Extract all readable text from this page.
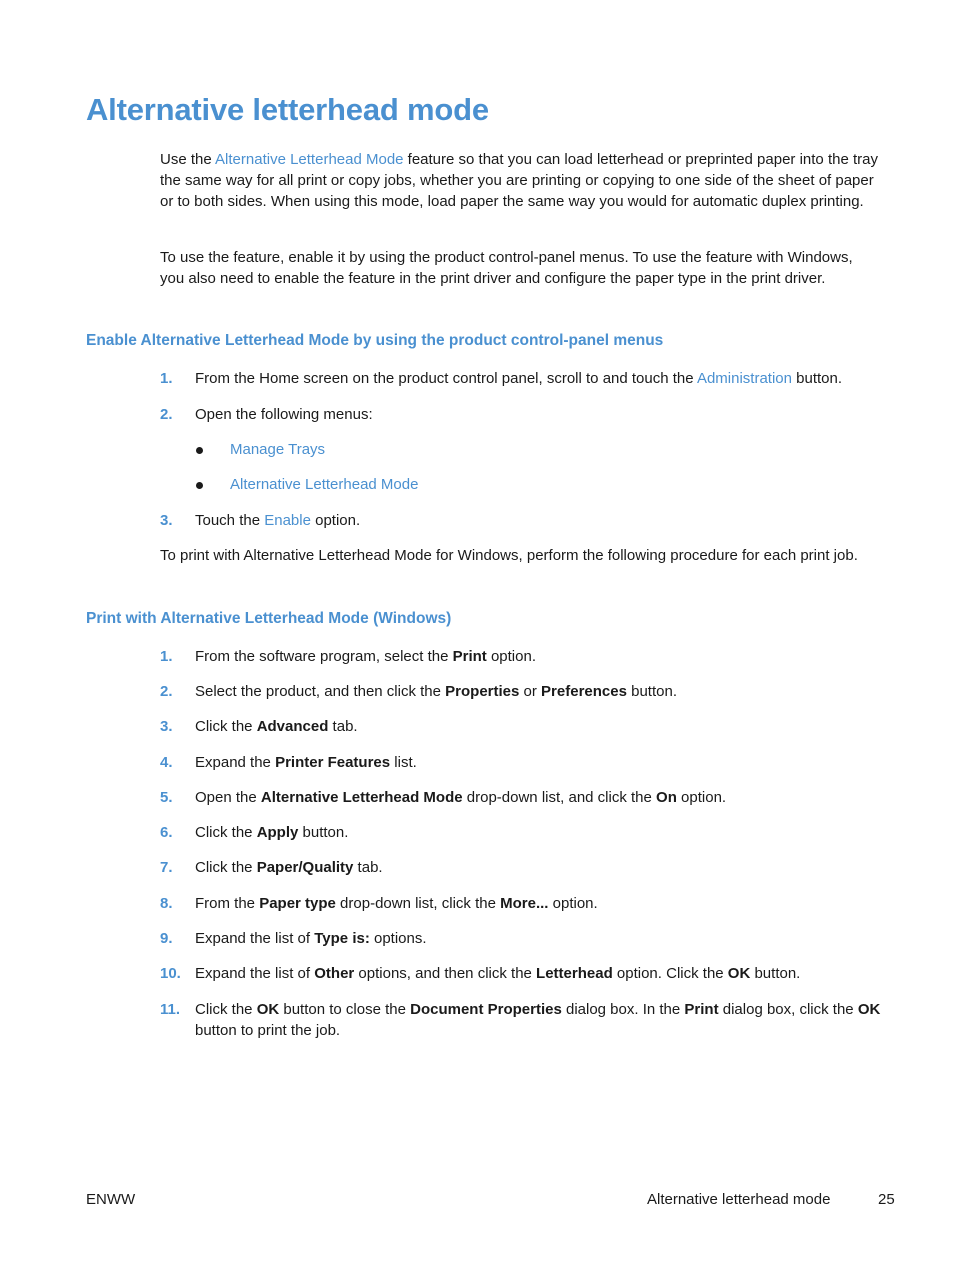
Alternative letterhead mode

Use the Alternative Letterhead Mode feature so that you can load letterhead or preprinted paper into the tray the same way for all print or copy jobs, whether you are printing or copying to one side of the sheet of paper or to both sides. When using this mode, load paper the same way you would for automatic duplex printing.

To use the feature, enable it by using the product control-panel menus. To use the feature with Windows, you also need to enable the feature in the print driver and configure the paper type in the print driver.

Enable Alternative Letterhead Mode by using the product control-panel menus
1. From the Home screen on the product control panel, scroll to and touch the Administration button.
2. Open the following menus:
Manage Trays
Alternative Letterhead Mode
3. Touch the Enable option.

To print with Alternative Letterhead Mode for Windows, perform the following procedure for each print job.

Print with Alternative Letterhead Mode (Windows)
1. From the software program, select the Print option.
2. Select the product, and then click the Properties or Preferences button.
3. Click the Advanced tab.
4. Expand the Printer Features list.
5. Open the Alternative Letterhead Mode drop-down list, and click the On option.
6. Click the Apply button.
7. Click the Paper/Quality tab.
8. From the Paper type drop-down list, click the More... option.
9. Expand the list of Type is: options.
10. Expand the list of Other options, and then click the Letterhead option. Click the OK button.
11. Click the OK button to close the Document Properties dialog box. In the Print dialog box, click the OK button to print the job.
ENWW	Alternative letterhead mode	25
